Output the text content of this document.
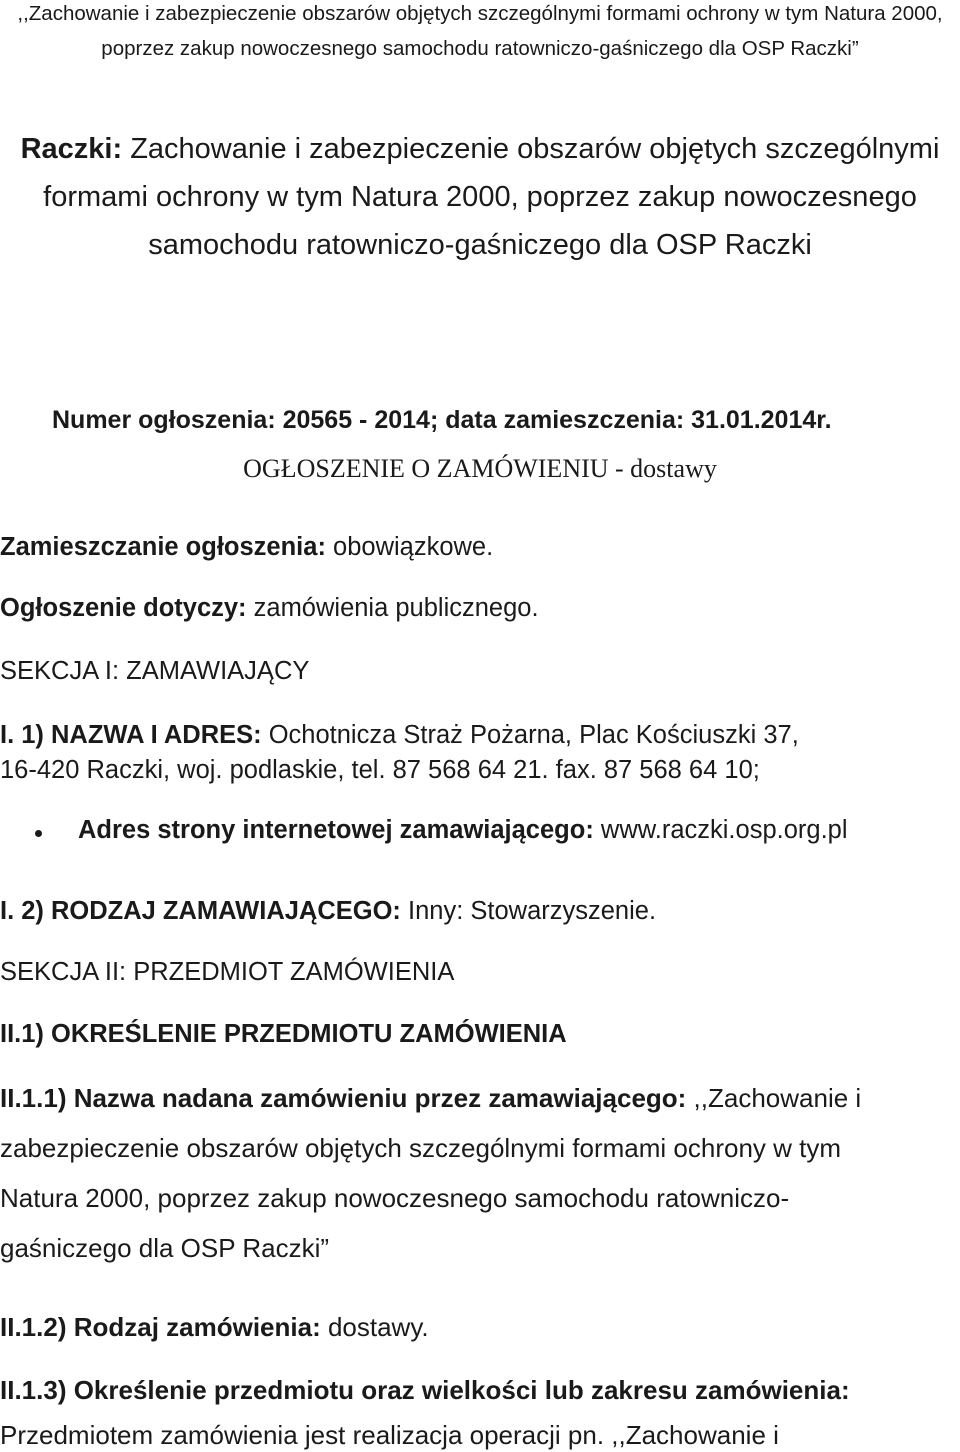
,,Zachowanie i zabezpieczenie obszarów objętych szczególnymi formami ochrony w tym Natura 2000,
poprzez zakup nowoczesnego samochodu ratowniczo-gaśniczego dla OSP Raczki”
Raczki: Zachowanie i zabezpieczenie obszarów objętych szczególnymi
formami ochrony w tym Natura 2000, poprzez zakup nowoczesnego
samochodu ratowniczo-gaśniczego dla OSP Raczki
Numer ogłoszenia: 20565 - 2014; data zamieszczenia: 31.01.2014r.
OGŁOSZENIE O ZAMÓWIENIU - dostawy
Zamieszczanie ogłoszenia: obowiązkowe.
Ogłoszenie dotyczy: zamówienia publicznego.
SEKCJA I: ZAMAWIAJĄCY
I. 1) NAZWA I ADRES: Ochotnicza Straż Pożarna, Plac Kościuszki 37,
16-420 Raczki, woj. podlaskie, tel. 87 568 64 21. fax. 87 568 64 10;
Adres strony internetowej zamawiającego: www.raczki.osp.org.pl
I. 2) RODZAJ ZAMAWIAJĄCEGO: Inny: Stowarzyszenie.
SEKCJA II: PRZEDMIOT ZAMÓWIENIA
II.1) OKREŚLENIE PRZEDMIOTU ZAMÓWIENIA
II.1.1) Nazwa nadana zamówieniu przez zamawiającego: ,,Zachowanie i
zabezpieczenie obszarów objętych szczególnymi formami ochrony w tym
Natura 2000, poprzez zakup nowoczesnego samochodu ratowniczo-
gaśniczego dla OSP Raczki”
II.1.2) Rodzaj zamówienia: dostawy.
II.1.3) Określenie przedmiotu oraz wielkości lub zakresu zamówienia:
Przedmiotem zamówienia jest realizacja operacji pn. ,,Zachowanie i
